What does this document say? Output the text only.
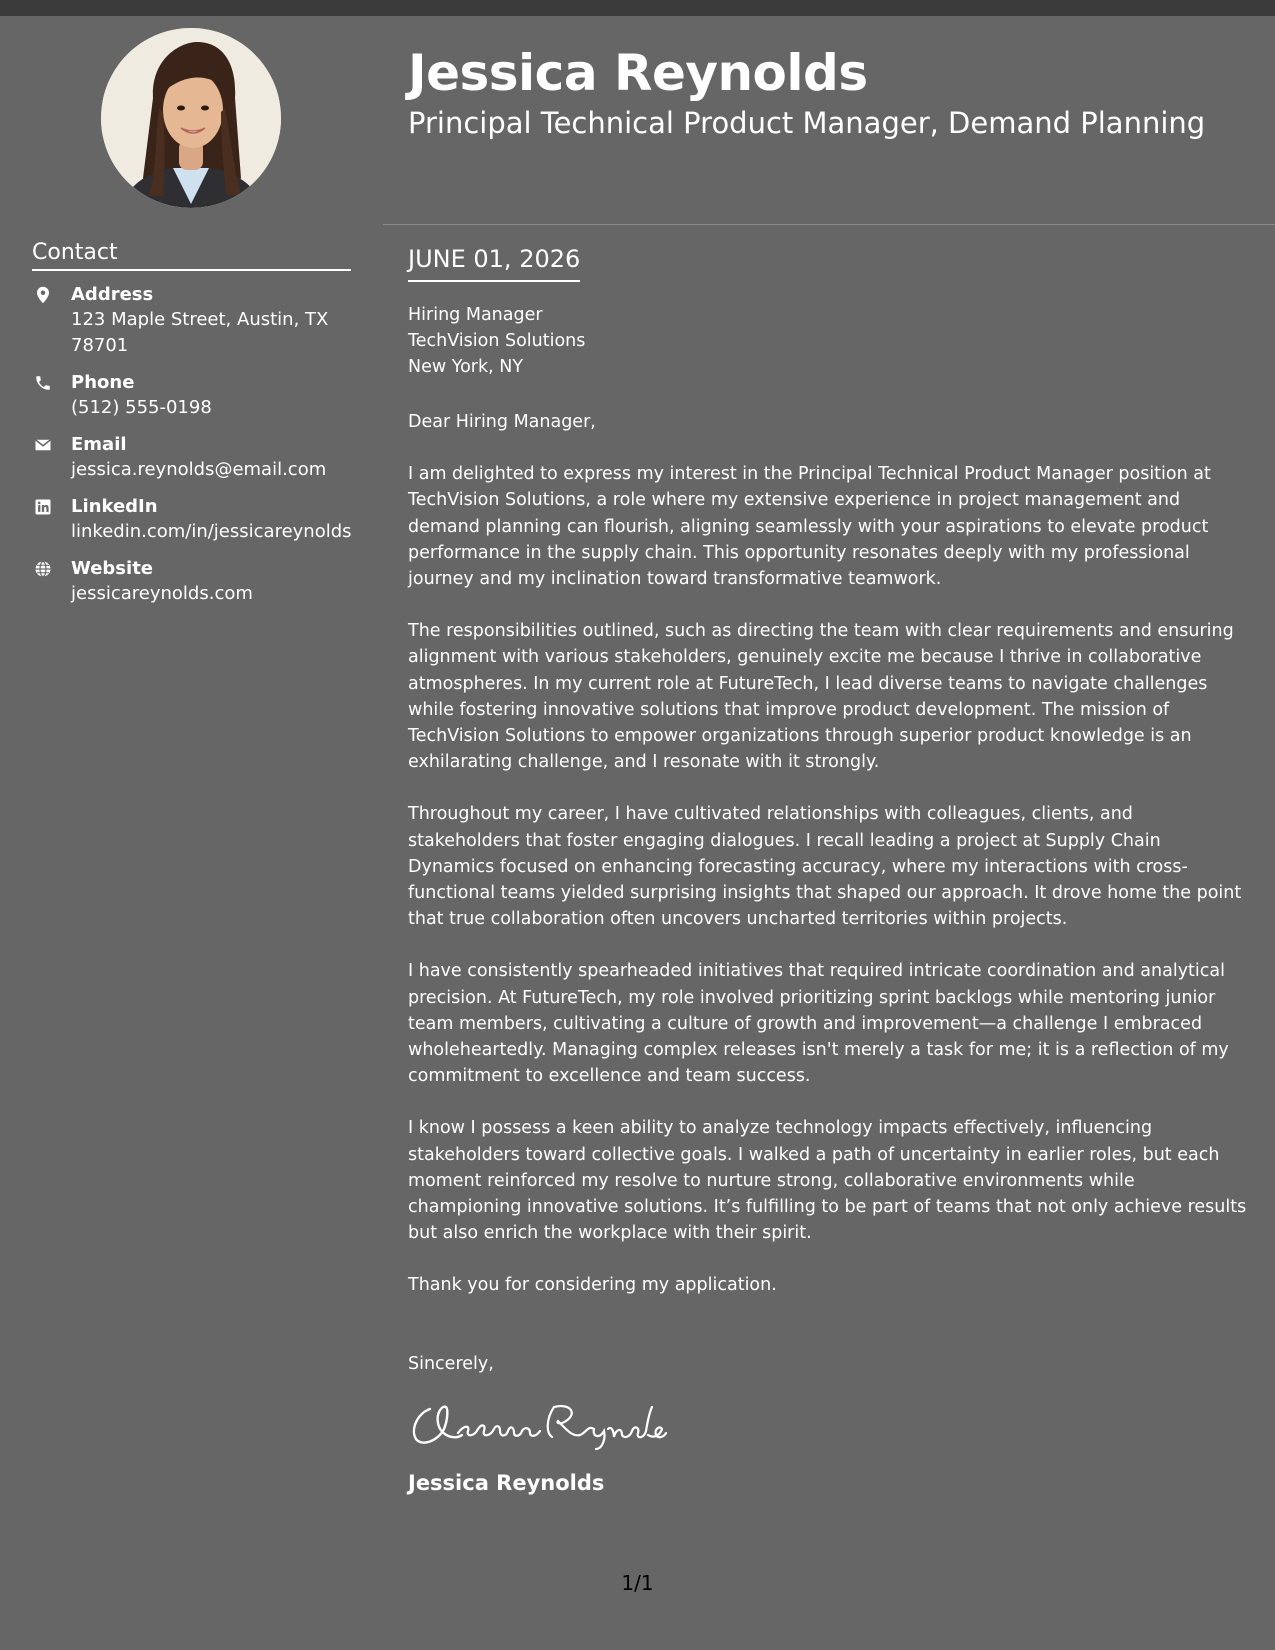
Contact
Address
123 Maple Street, Austin, TX 78701
Phone
(512) 555-0198
Email
jessica.reynolds@email.com
LinkedIn
linkedin.com/in/jessicareynolds
Website
jessicareynolds.com
Jessica Reynolds
Principal Technical Product Manager, Demand Planning
JUNE 01, 2026
Hiring Manager
TechVision Solutions
New York, NY
Dear Hiring Manager,
I am delighted to express my interest in the Principal Technical Product Manager position at TechVision Solutions, a role where my extensive experience in project management and demand planning can flourish, aligning seamlessly with your aspirations to elevate product performance in the supply chain. This opportunity resonates deeply with my professional journey and my inclination toward transformative teamwork.
The responsibilities outlined, such as directing the team with clear requirements and ensuring alignment with various stakeholders, genuinely excite me because I thrive in collaborative atmospheres. In my current role at FutureTech, I lead diverse teams to navigate challenges while fostering innovative solutions that improve product development. The mission of TechVision Solutions to empower organizations through superior product knowledge is an exhilarating challenge, and I resonate with it strongly.
Throughout my career, I have cultivated relationships with colleagues, clients, and stakeholders that foster engaging dialogues. I recall leading a project at Supply Chain Dynamics focused on enhancing forecasting accuracy, where my interactions with cross-functional teams yielded surprising insights that shaped our approach. It drove home the point that true collaboration often uncovers uncharted territories within projects.
I have consistently spearheaded initiatives that required intricate coordination and analytical precision. At FutureTech, my role involved prioritizing sprint backlogs while mentoring junior team members, cultivating a culture of growth and improvement—a challenge I embraced wholeheartedly. Managing complex releases isn't merely a task for me; it is a reflection of my commitment to excellence and team success.
I know I possess a keen ability to analyze technology impacts effectively, influencing stakeholders toward collective goals. I walked a path of uncertainty in earlier roles, but each moment reinforced my resolve to nurture strong, collaborative environments while championing innovative solutions. It’s fulfilling to be part of teams that not only achieve results but also enrich the workplace with their spirit.
Thank you for considering my application.
Sincerely,
Jessica Reynolds
1/1
